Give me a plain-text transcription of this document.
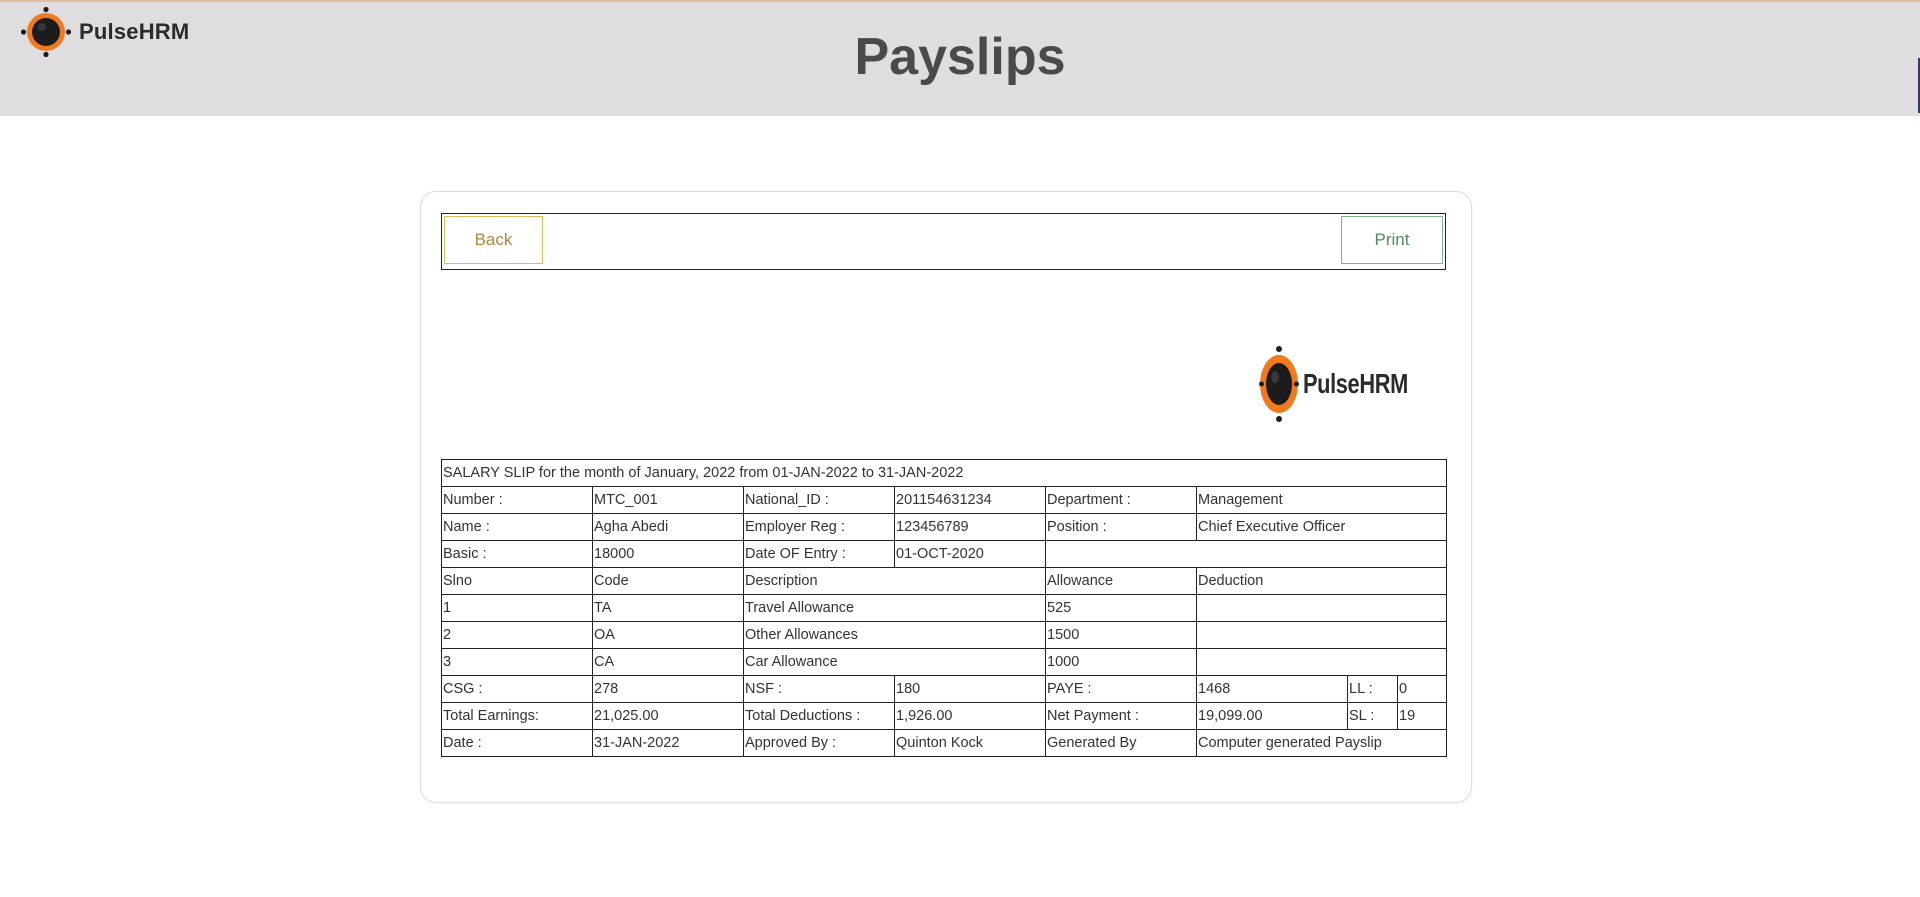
PulseHRM	Payslips
Back	Print
PulseHRM
SALARY SLIP for the month of January, 2022 from 01-JAN-2022 to 31-JAN-2022							
Number :	MTC_001	National_ID :	201154631234	Department :	Management		
Name :	Agha Abedi	Employer Reg :	123456789	Position :	Chief Executive Officer		
Basic :	18000	Date OF Entry :	01-OCT-2020				
Slno	Code	Description		Allowance	Deduction		
1	TA	Travel Allowance		525			
2	OA	Other Allowances		1500			
3	CA	Car Allowance		1000			
CSG :	278	NSF :	180	PAYE :	1468	LL :	0
Total Earnings:	21,025.00	Total Deductions :	1,926.00	Net Payment :	19,099.00	SL :	19
Date :	31-JAN-2022	Approved By :	Quinton Kock	Generated By	Computer generated Payslip		
